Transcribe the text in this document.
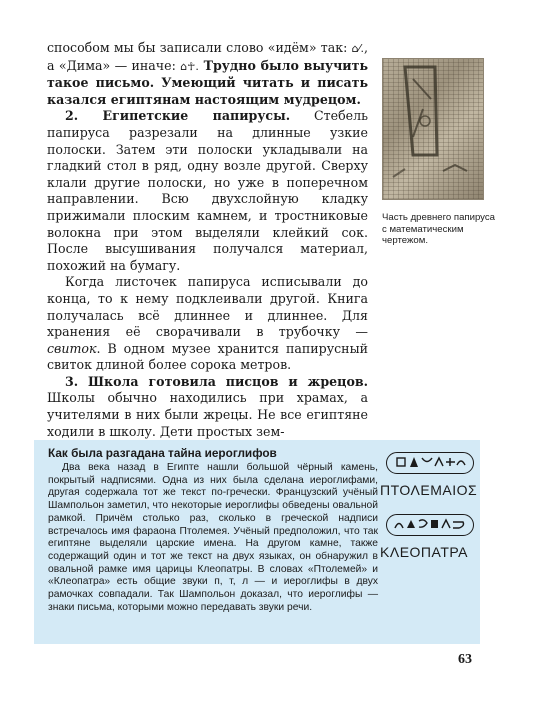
способом мы бы записали слово «идём» так: ⌂⁄., а «Дима» — иначе: ⌂☥. Трудно было выучить такое письмо. Умеющий читать и писать казался египтянам настоящим мудрецом.

2. Египетские папирусы. Стебель папируса разрезали на длинные узкие полоски. Затем эти полоски укладывали на гладкий стол в ряд, одну возле другой. Сверху клали другие полоски, но уже в поперечном направлении. Всю двухслойную кладку прижимали плоским камнем, и тростниковые волокна при этом выделяли клейкий сок. После высушивания получался материал, похожий на бумагу.

Когда листочек папируса исписывали до конца, то к нему подклеивали другой. Книга получалась всё длиннее и длиннее. Для хранения её сворачивали в трубочку — свиток. В одном музее хранится папирусный свиток длиной более сорока метров.

3. Школа готовила писцов и жрецов. Школы обычно находились при храмах, а учителями в них были жрецы. Не все египтяне ходили в школу. Дети простых зем-

Часть древнего папируса с математическим чертежом.
Как была разгадана тайна иероглифов

Два века назад в Египте нашли большой чёрный камень, покрытый надписями. Одна из них была сделана иероглифами, другая содержала тот же текст по-гречески. Французский учёный Шампольон заметил, что некоторые иероглифы обведены овальной рамкой. Причём столько раз, сколько в греческой надписи встречалось имя фараона Птолемея. Учёный предположил, что так египтяне выделяли царские имена. На другом камне, также содержащий один и тот же текст на двух языках, он обнаружил в овальной рамке имя царицы Клеопатры. В словах «Птолемей» и «Клеопатра» есть общие звуки п, т, л — и иероглифы в двух рамочках совпадали. Так Шампольон доказал, что иероглифы — знаки письма, которыми можно передавать звуки речи.

ΠΤΟΛΕΜΑΙΟΣ
ΚΛΕΟΠΑΤΡΑ
63
